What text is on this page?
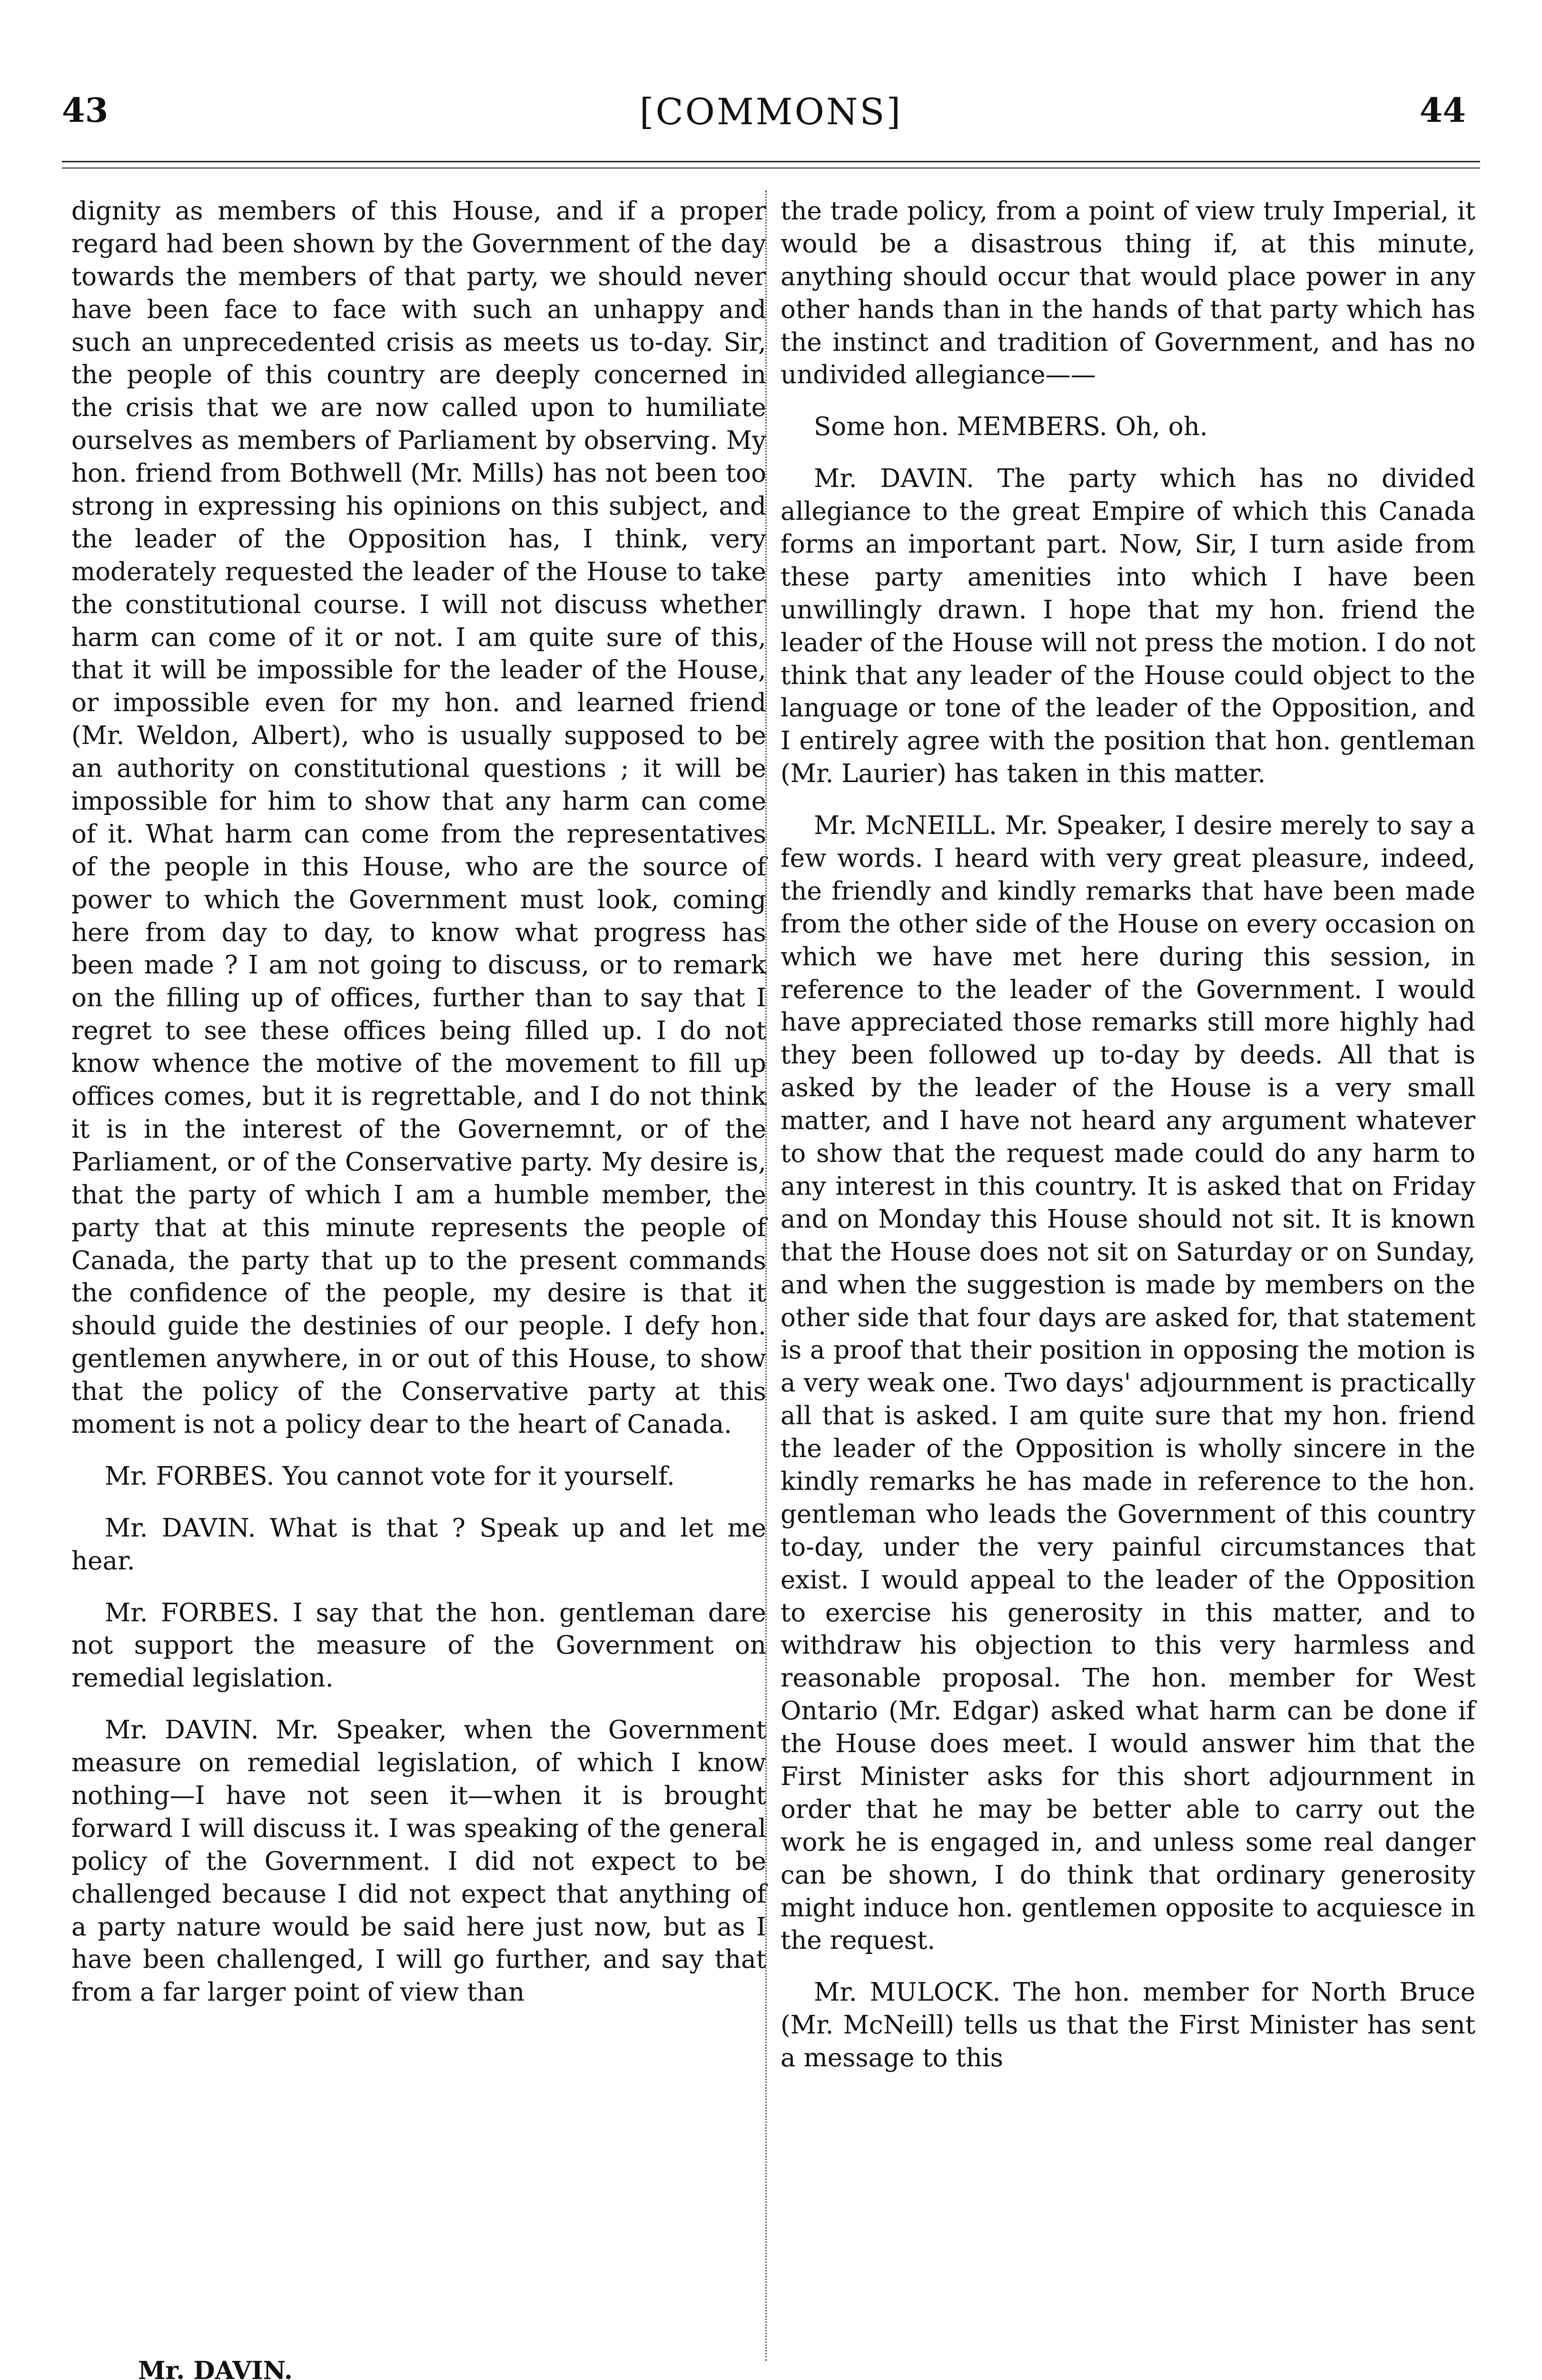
43	[COMMONS]	44

dignity as members of this House, and if a proper regard had been shown by the Government of the day towards the members of that party, we should never have been face to face with such an unhappy and such an unprecedented crisis as meets us to-day. Sir, the people of this country are deeply concerned in the crisis that we are now called upon to humiliate ourselves as members of Parliament by observing. My hon. friend from Bothwell (Mr. Mills) has not been too strong in expressing his opinions on this subject, and the leader of the Opposition has, I think, very moderately requested the leader of the House to take the constitutional course. I will not discuss whether harm can come of it or not. I am quite sure of this, that it will be impossible for the leader of the House, or impossible even for my hon. and learned friend (Mr. Weldon, Albert), who is usually supposed to be an authority on constitutional questions ; it will be impossible for him to show that any harm can come of it. What harm can come from the representatives of the people in this House, who are the source of power to which the Government must look, coming here from day to day, to know what progress has been made ? I am not going to discuss, or to remark on the filling up of offices, further than to say that I regret to see these offices being filled up. I do not know whence the motive of the movement to fill up offices comes, but it is regrettable, and I do not think it is in the interest of the Governemnt, or of the Parliament, or of the Conservative party. My desire is, that the party of which I am a humble member, the party that at this minute represents the people of Canada, the party that up to the present commands the confidence of the people, my desire is that it should guide the destinies of our people. I defy hon. gentlemen anywhere, in or out of this House, to show that the policy of the Conservative party at this moment is not a policy dear to the heart of Canada.

Mr. FORBES. You cannot vote for it yourself.

Mr. DAVIN. What is that ? Speak up and let me hear.

Mr. FORBES. I say that the hon. gentleman dare not support the measure of the Government on remedial legislation.

Mr. DAVIN. Mr. Speaker, when the Government measure on remedial legislation, of which I know nothing—I have not seen it—when it is brought forward I will discuss it. I was speaking of the general policy of the Government. I did not expect to be challenged because I did not expect that anything of a party nature would be said here just now, but as I have been challenged, I will go further, and say that from a far larger point of view than

the trade policy, from a point of view truly Imperial, it would be a disastrous thing if, at this minute, anything should occur that would place power in any other hands than in the hands of that party which has the instinct and tradition of Government, and has no undivided allegiance——

Some hon. MEMBERS. Oh, oh.

Mr. DAVIN. The party which has no divided allegiance to the great Empire of which this Canada forms an important part. Now, Sir, I turn aside from these party amenities into which I have been unwillingly drawn. I hope that my hon. friend the leader of the House will not press the motion. I do not think that any leader of the House could object to the language or tone of the leader of the Opposition, and I entirely agree with the position that hon. gentleman (Mr. Laurier) has taken in this matter.

Mr. McNEILL. Mr. Speaker, I desire merely to say a few words. I heard with very great pleasure, indeed, the friendly and kindly remarks that have been made from the other side of the House on every occasion on which we have met here during this session, in reference to the leader of the Government. I would have appreciated those remarks still more highly had they been followed up to-day by deeds. All that is asked by the leader of the House is a very small matter, and I have not heard any argument whatever to show that the request made could do any harm to any interest in this country. It is asked that on Friday and on Monday this House should not sit. It is known that the House does not sit on Saturday or on Sunday, and when the suggestion is made by members on the other side that four days are asked for, that statement is a proof that their position in opposing the motion is a very weak one. Two days' adjournment is practically all that is asked. I am quite sure that my hon. friend the leader of the Opposition is wholly sincere in the kindly remarks he has made in reference to the hon. gentleman who leads the Government of this country to-day, under the very painful circumstances that exist. I would appeal to the leader of the Opposition to exercise his generosity in this matter, and to withdraw his objection to this very harmless and reasonable proposal. The hon. member for West Ontario (Mr. Edgar) asked what harm can be done if the House does meet. I would answer him that the First Minister asks for this short adjournment in order that he may be better able to carry out the work he is engaged in, and unless some real danger can be shown, I do think that ordinary generosity might induce hon. gentlemen opposite to acquiesce in the request.

Mr. MULOCK. The hon. member for North Bruce (Mr. McNeill) tells us that the First Minister has sent a message to this

Mr. DAVIN.
